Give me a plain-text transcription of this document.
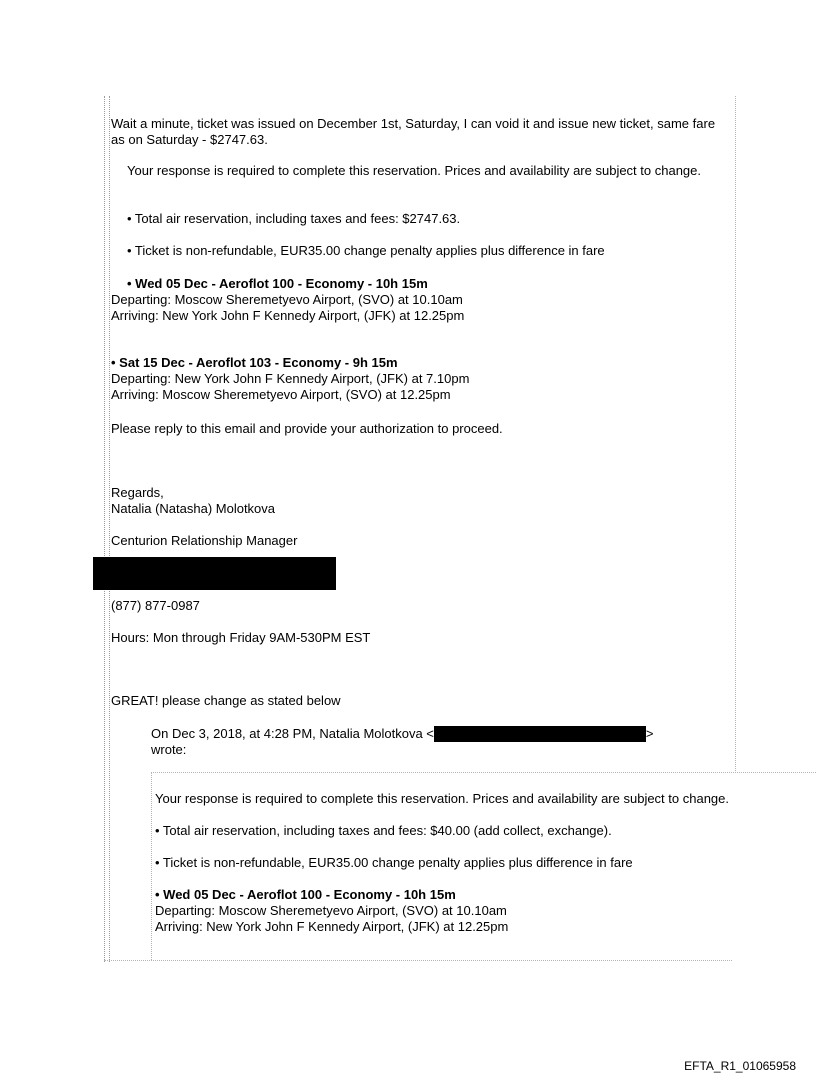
Wait a minute, ticket was issued on December 1st, Saturday, I can void it and issue new ticket, same fare as on Saturday - $2747.63.
Your response is required to complete this reservation. Prices and availability are subject to change.
• Total air reservation, including taxes and fees: $2747.63.
• Ticket is non-refundable, EUR35.00 change penalty applies plus difference in fare
• Wed 05 Dec - Aeroflot 100 - Economy - 10h 15m
Departing: Moscow Sheremetyevo Airport, (SVO) at 10.10am
Arriving: New York John F Kennedy Airport, (JFK) at 12.25pm
• Sat 15 Dec - Aeroflot 103 - Economy - 9h 15m
Departing: New York John F Kennedy Airport, (JFK) at 7.10pm
Arriving: Moscow Sheremetyevo Airport, (SVO) at 12.25pm
Please reply to this email and provide your authorization to proceed.
Regards,
Natalia (Natasha) Molotkova
Centurion Relationship Manager
(877) 877-0987
Hours: Mon through Friday 9AM-530PM EST
GREAT! please change as stated below
On Dec 3, 2018, at 4:28 PM, Natalia Molotkova <	>
wrote:
Your response is required to complete this reservation. Prices and availability are subject to change.
• Total air reservation, including taxes and fees: $40.00 (add collect, exchange).
• Ticket is non-refundable, EUR35.00 change penalty applies plus difference in fare
• Wed 05 Dec - Aeroflot 100 - Economy - 10h 15m
Departing: Moscow Sheremetyevo Airport, (SVO) at 10.10am
Arriving: New York John F Kennedy Airport, (JFK) at 12.25pm
EFTA_R1_01065958
